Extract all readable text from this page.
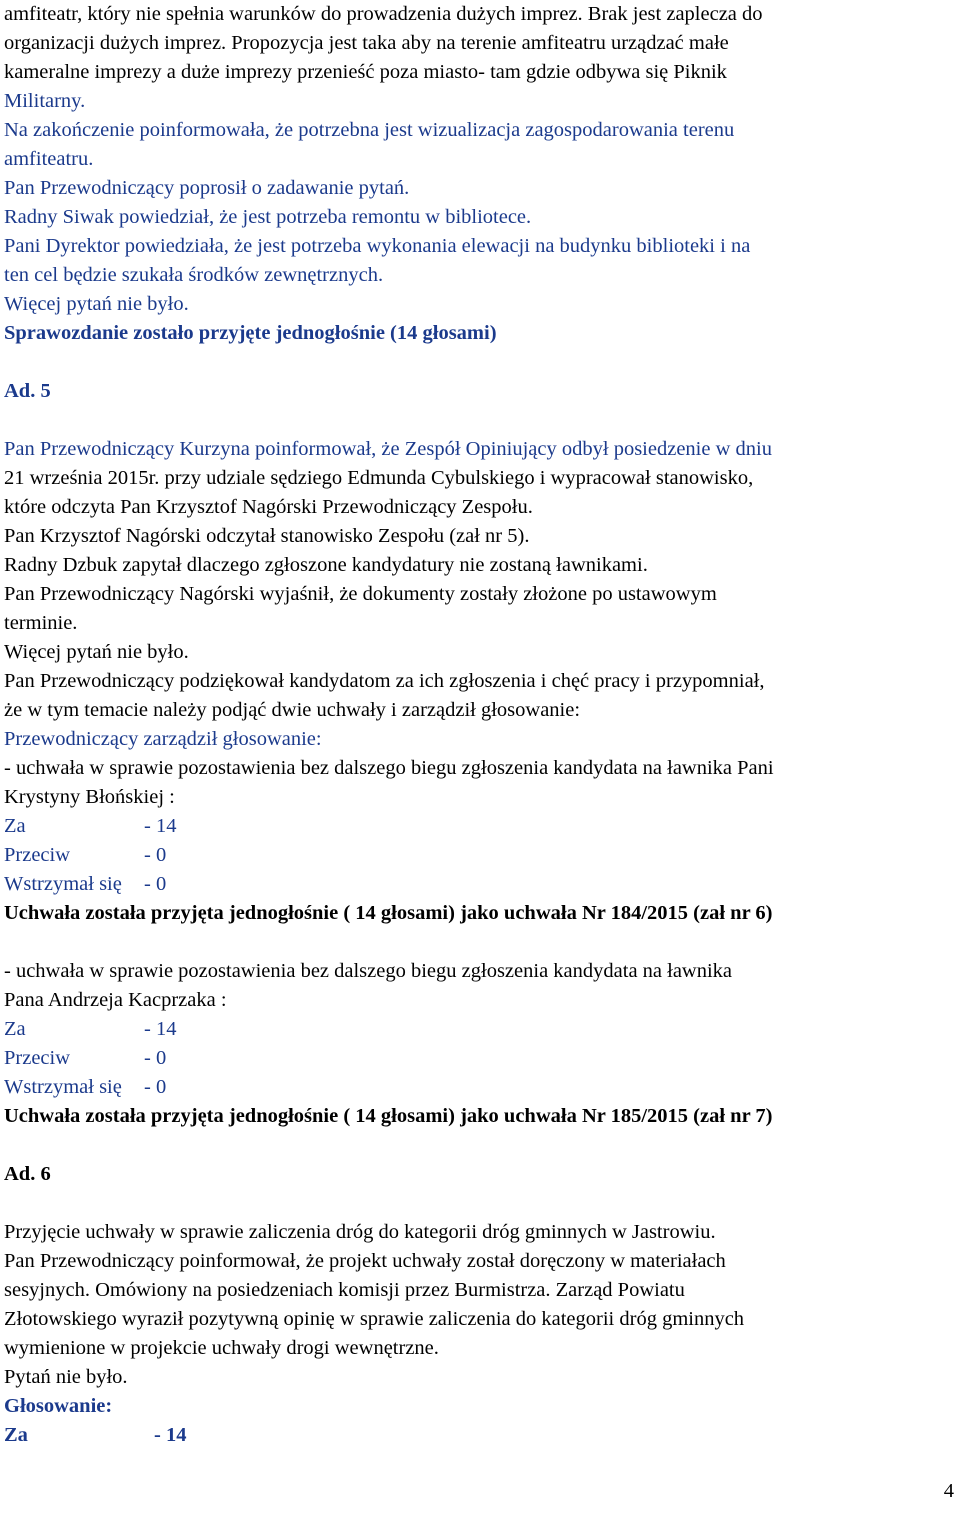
amfiteatr, który nie spełnia warunków do prowadzenia dużych imprez. Brak jest zaplecza do
organizacji dużych imprez. Propozycja jest taka aby na terenie amfiteatru urządzać małe
kameralne imprezy a duże imprezy przenieść poza miasto- tam gdzie odbywa się Piknik
Militarny.
Na zakończenie poinformowała, że potrzebna jest wizualizacja zagospodarowania terenu
amfiteatru.
Pan Przewodniczący poprosił o zadawanie pytań.
Radny Siwak powiedział, że jest potrzeba remontu w bibliotece.
Pani Dyrektor powiedziała, że jest potrzeba wykonania elewacji na budynku biblioteki i na
ten cel będzie szukała środków zewnętrznych.
Więcej pytań nie było.
Sprawozdanie zostało przyjęte jednogłośnie (14 głosami)
Ad. 5
Pan Przewodniczący Kurzyna poinformował, że Zespół Opiniujący odbył posiedzenie w dniu
21 września 2015r. przy udziale sędziego Edmunda Cybulskiego i wypracował stanowisko,
które odczyta Pan Krzysztof Nagórski Przewodniczący Zespołu.
Pan Krzysztof Nagórski odczytał stanowisko Zespołu (zał nr 5).
Radny Dzbuk zapytał dlaczego zgłoszone kandydatury nie zostaną ławnikami.
Pan Przewodniczący Nagórski wyjaśnił, że dokumenty zostały złożone po ustawowym
terminie.
Więcej pytań nie było.
Pan Przewodniczący podziękował kandydatom za ich zgłoszenia i chęć pracy i przypomniał,
że w tym temacie należy podjąć dwie uchwały i zarządził głosowanie:
Przewodniczący zarządził głosowanie:
- uchwała w sprawie pozostawienia bez dalszego biegu zgłoszenia kandydata na ławnika Pani
Krystyny Błońskiej :
Za	- 14
Przeciw	- 0
Wstrzymał się	- 0
Uchwała została przyjęta jednogłośnie ( 14 głosami) jako uchwała Nr 184/2015 (zał nr 6)
- uchwała w sprawie pozostawienia bez dalszego biegu zgłoszenia kandydata na ławnika
Pana Andrzeja Kacprzaka :
Za	- 14
Przeciw	- 0
Wstrzymał się	- 0
Uchwała została przyjęta jednogłośnie ( 14 głosami) jako uchwała Nr 185/2015 (zał nr 7)
Ad. 6
Przyjęcie uchwały w sprawie zaliczenia dróg do kategorii dróg gminnych w Jastrowiu.
Pan Przewodniczący poinformował, że projekt uchwały został doręczony w materiałach
sesyjnych. Omówiony na posiedzeniach komisji przez Burmistrza. Zarząd Powiatu
Złotowskiego wyraził pozytywną opinię w sprawie zaliczenia do kategorii dróg gminnych
wymienione w projekcie uchwały drogi wewnętrzne.
Pytań nie było.
Głosowanie:
Za	- 14
4
